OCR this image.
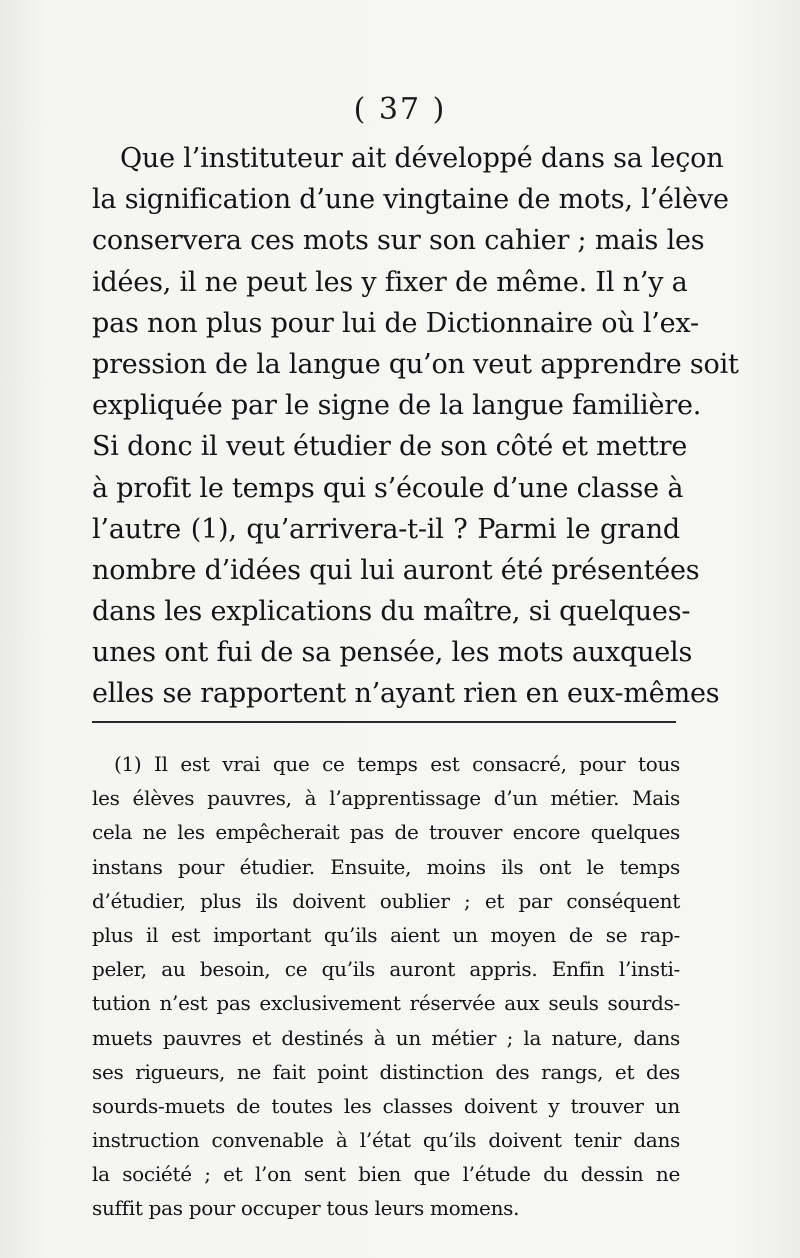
( 37 )
Que l’instituteur ait développé dans sa leçon
la signification d’une vingtaine de mots, l’élève
conservera ces mots sur son cahier ; mais les
idées, il ne peut les y fixer de même. Il n’y a
pas non plus pour lui de Dictionnaire où l’ex-
pression de la langue qu’on veut apprendre soit
expliquée par le signe de la langue familière.
Si donc il veut étudier de son côté et mettre
à profit le temps qui s’écoule d’une classe à
l’autre (1), qu’arrivera-t-il ? Parmi le grand
nombre d’idées qui lui auront été présentées
dans les explications du maître, si quelques-
unes ont fui de sa pensée, les mots auxquels
elles se rapportent n’ayant rien en eux-mêmes
(1) Il est vrai que ce temps est consacré, pour tous
les élèves pauvres, à l’apprentissage d’un métier. Mais
cela ne les empêcherait pas de trouver encore quelques
instans pour étudier. Ensuite, moins ils ont le temps
d’étudier, plus ils doivent oublier ; et par conséquent
plus il est important qu’ils aient un moyen de se rap-
peler, au besoin, ce qu’ils auront appris. Enfin l’insti-
tution n’est pas exclusivement réservée aux seuls sourds-
muets pauvres et destinés à un métier ; la nature, dans
ses rigueurs, ne fait point distinction des rangs, et des
sourds-muets de toutes les classes doivent y trouver un
instruction convenable à l’état qu’ils doivent tenir dans
la société ; et l’on sent bien que l’étude du dessin ne
suffit pas pour occuper tous leurs momens.
